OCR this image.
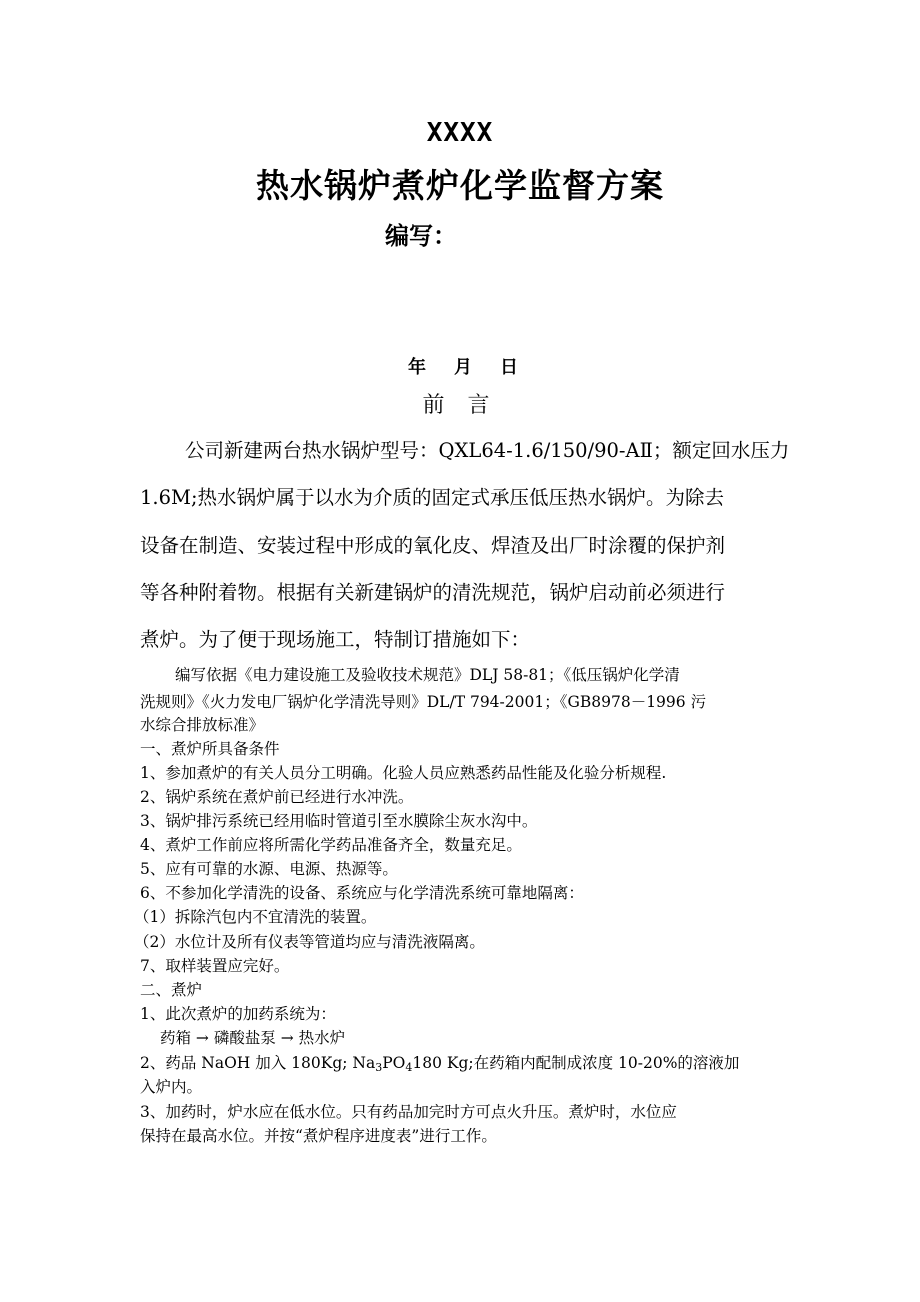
XXXX
热水锅炉煮炉化学监督方案
编写：
年 月 日
前 言
公司新建两台热水锅炉型号：QXL64-1.6/150/90-AⅡ；额定回水压力
1.6M;热水锅炉属于以水为介质的固定式承压低压热水锅炉。为除去
设备在制造、安装过程中形成的氧化皮、焊渣及出厂时涂覆的保护剂
等各种附着物。根据有关新建锅炉的清洗规范，锅炉启动前必须进行
煮炉。为了便于现场施工，特制订措施如下：
编写依据《电力建设施工及验收技术规范》DLJ 58-81；《低压锅炉化学清
洗规则》《火力发电厂锅炉化学清洗导则》DL/T 794-2001；《GB8978－1996 污
水综合排放标准》
一、煮炉所具备条件
1、参加煮炉的有关人员分工明确。化验人员应熟悉药品性能及化验分析规程.
2、锅炉系统在煮炉前已经进行水冲洗。
3、锅炉排污系统已经用临时管道引至水膜除尘灰水沟中。
4、煮炉工作前应将所需化学药品准备齐全，数量充足。
5、应有可靠的水源、电源、热源等。
6、不参加化学清洗的设备、系统应与化学清洗系统可靠地隔离：
（1）拆除汽包内不宜清洗的装置。
（2）水位计及所有仪表等管道均应与清洗液隔离。
7、取样装置应完好。
二、煮炉
1、此次煮炉的加药系统为：
药箱 → 磷酸盐泵 → 热水炉
2、药品 NaOH 加入 180Kg; $Na_3PO_4180$ Kg;在药箱内配制成浓度 10-20%的溶液加
入炉内。
3、加药时，炉水应在低水位。只有药品加完时方可点火升压。煮炉时，水位应
保持在最高水位。并按“煮炉程序进度表”进行工作。
